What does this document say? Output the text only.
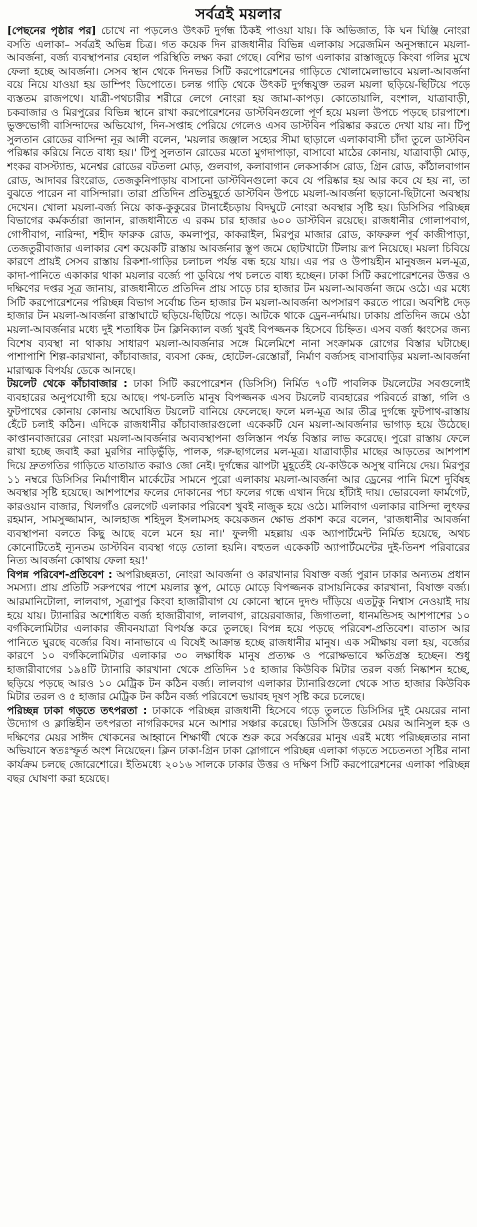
সর্বত্রই ময়লার

[পেছনের পৃষ্ঠার পর] চোখে না পড়লেও উৎকট দুর্গন্ধ ঠিকই পাওয়া যায়। কি অভিজাত, কি ঘন ঘিঞ্জি নোংরা বসতি এলাকা– সর্বত্রই অভিন্ন চিত্র। গত কয়েক দিন রাজধানীর বিভিন্ন এলাকায় সরেজমিন অনুসন্ধানে ময়লা-আবর্জনা, বর্জ্য ব্যবস্থাপনার বেহাল পরিস্থিতি লক্ষ্য করা গেছে। বেশির ভাগ এলাকার রাস্তাজুড়ে কিংবা গলির মুখে ফেলা হচ্ছে আবর্জনা। সেসব স্থান থেকে দিনভর সিটি করপোরেশনের গাড়িতে খোলামেলাভাবে ময়লা-আবর্জনা বয়ে নিয়ে যাওয়া হয় ডাম্পিং ডিপোতে। চলন্ত গাড়ি থেকে উৎকট দুর্গন্ধযুক্ত তরল ময়লা ছড়িয়ে-ছিটিয়ে পড়ে ব্যস্ততম রাজপথে। যাত্রী-পথচারীর শরীরে লেগে নোংরা হয় জামা-কাপড়। কোতোয়ালি, বংশাল, যাত্রাবাড়ী, চকবাজার ও মিরপুরের বিভিন্ন স্থানে রাখা করপোরেশনের ডাস্টবিনগুলো পূর্ণ হয়ে ময়লা উপচে পড়ছে চারপাশে। ভুক্তভোগী বাসিন্দাদের অভিযোগ, দিন-সপ্তাহ পেরিয়ে গেলেও এসব ডাস্টবিন পরিষ্কার করতে দেখা যায় না। টিপু সুলতান রোডের বাসিন্দা নূর আলী বলেন, 'ময়লার জঞ্জাল সহ্যের সীমা ছাড়ালে এলাকাবাসী চাঁদা তুলে ডাস্টবিন পরিষ্কার করিয়ে নিতে বাধ্য হয়।' টিপু সুলতান রোডের মতো মুগদাপাড়া, বাসাবো মাঠের কোনায়, যাত্রাবাড়ী মোড়, শংকর বাসস্ট্যান্ড, মনেশ্বর রোডের বটতলা মোড়, গুলবাগ, কলাবাগান লেকসার্কাস রোড, গ্রিন রোড, কাঁঠালবাগান রোড, আদাবর রিংরোড, তেজকুনিপাড়ায় বাসানো ডাস্টবিনগুলো কবে যে পরিষ্কার হয় আর কবে যে হয় না, তা বুঝতে পারেন না বাসিন্দারা। তারা প্রতিদিন প্রতিমুহূর্তে ডাস্টবিন উপচে ময়লা-আবর্জনা ছড়ানো-ছিটানো অবস্থায় দেখেন। খোলা ময়লা-বর্জ্য নিয়ে কাক-কুকুরের টানাহেঁচড়ায় বিদঘুটে নোংরা অবস্থার সৃষ্টি হয়। ডিসিসির পরিচ্ছন্ন বিভাগের কর্মকর্তারা জানান, রাজধানীতে এ রকম চার হাজার ৬০০ ডাস্টবিন রয়েছে। রাজধানীর গোলাপবাগ, গোপীবাগ, নারিন্দা, শহীদ ফারুক রোড, কমলাপুর, কাকরাইল, মিরপুর মাজার রোড, কাফরুল পূর্ব কাজীপাড়া, তেজতুরীবাজার এলাকার বেশ কয়েকটি রাস্তায় আবর্জনার স্তূপ জমে ছোটখাটো টিলায় রূপ নিয়েছে। ময়লা চিবিয়ে কারণে প্রায়ই সেসব রাস্তায় রিকশা-গাড়ির চলাচল পর্যন্ত বন্ধ হয়ে যায়। এর পর ও উপায়হীন মানুষজন মল-মূত্র, কাদা-পানিতে একাকার থাকা ময়লার বর্জ্যে পা ডুবিয়ে পথ চলতে বাধ্য হচ্ছেন। ঢাকা সিটি করপোরেশনের উত্তর ও দক্ষিণের দপ্তর সূত্র জানায়, রাজধানীতে প্রতিদিন প্রায় সাড়ে চার হাজার টন ময়লা-আবর্জনা জমে ওঠে। এর মধ্যে সিটি করপোরেশনের পরিচ্ছন্ন বিভাগ সর্বোচ্চ তিন হাজার টন ময়লা-আবর্জনা অপসারণ করতে পারে। অবশিষ্ট দেড় হাজার টন ময়লা-আবর্জনা রাস্তাঘাটে ছড়িয়ে-ছিটিয়ে পড়ে। আটকে থাকে ড্রেন-নর্দমায়। ঢাকায় প্রতিদিন জমে ওঠা ময়লা-আবর্জনার মধ্যে দুই শতাধিক টন ক্লিনিক্যাল বর্জ্য খুবই বিপজ্জনক হিসেবে চিহ্নিত। এসব বর্জ্য ধ্বংসের জন্য বিশেষ ব্যবস্থা না থাকায় সাধারণ ময়লা-আবর্জনার সঙ্গে মিলেমিশে নানা সংক্রামক রোগের বিস্তার ঘটাচ্ছে। পাশাপাশি শিল্প-কারখানা, কাঁচাবাজার, ব্যবসা কেন্দ্র, হোটেল-রেস্তোরাঁ, নির্মাণ বর্জ্যসহ বাসাবাড়ির ময়লা-আবর্জনা মারাত্মক বিপর্যয় ডেকে আনছে।

টয়লেট থেকে কাঁচাবাজার : ঢাকা সিটি করপোরেশন (ডিসিসি) নির্মিত ৭০টি পাবলিক টয়লেটের সবগুলোই ব্যবহারের অনুপযোগী হয়ে আছে। পথ-চলতি মানুষ বিপজ্জনক এসব টয়লেট ব্যবহারের পরিবর্তে রাস্তা, গলি ও ফুটপাথের কোনায় কোনায় অঘোষিত টয়লেট বানিয়ে ফেলেছে। ফলে মল-মূত্র আর তীব্র দুর্গন্ধে ফুটপাথ-রাস্তায় হেঁটে চলাই কঠিন। এদিকে রাজধানীর কাঁচাবাজারগুলো একেকটি যেন ময়লা-আবর্জনার ভাগাড় হয়ে উঠেছে। কাপ্তানবাজারের নোংরা ময়লা-আবর্জনার অব্যবস্থাপনা গুলিস্তান পর্যন্ত বিস্তার লাভ করেছে। পুরো রাস্তায় ফেলে রাখা হচ্ছে জবাই করা মুরগির নাড়িভুঁড়ি, পালক, গরু-ছাগলের মল-মূত্র। যাত্রাবাড়ীর মাছের আড়তের আশপাশ দিয়ে দ্রুতগতির গাড়িতে যাতায়াত করাও জো নেই। দুর্গন্ধের ঝাপটা মুহূর্তেই যে-কাউকে অসুস্থ বানিয়ে দেয়। মিরপুর ১১ নম্বরে ডিসিসির নির্মাণাধীন মার্কেটের সামনে পুরো এলাকায় ময়লা-আবর্জনা আর ড্রেনের পানি মিশে দুর্বিষহ অবস্থার সৃষ্টি হয়েছে। আশপাশের ফলের দোকানের পচা ফলের গন্ধে এখান দিয়ে হাঁটাই দায়। ভোরবেলা ফার্মগেট, কারওয়ান বাজার, খিলগাঁও রেলগেট এলাকার পরিবেশ খুবই নাজুক হয়ে ওঠে। মালিবাগ এলাকার বাসিন্দা লুৎফর রহমান, সামসুজ্জামান, আলহাজ শহিদুল ইসলামসহ কয়েকজন ক্ষোভ প্রকাশ করে বলেন, 'রাজধানীর আবর্জনা ব্যবস্থাপনা বলতে কিছু আছে বলে মনে হয় না।' ফুলগী মহল্লায় এক অ্যাপার্টমেন্ট নির্মিত হয়েছে, অথচ কোনোটিতেই ন্যূনতম ডাস্টবিন ব্যবস্থা গড়ে তোলা হয়নি। বহুতল একেকটি অ্যাপার্টমেন্টের দুই-তিনশ পরিবারের নিত্য আবর্জনা কোথায় ফেলা হয়!'

বিপন্ন পরিবেশ-প্রতিবেশ : অপরিচ্ছন্নতা, নোংরা আবর্জনা ও কারখানার বিষাক্ত বর্জ্য পুরান ঢাকার অন্যতম প্রধান সমস্যা। প্রায় প্রতিটি সরুপথের পাশে ময়লার স্তূপ, মোড়ে মোড়ে বিপজ্জনক রাসায়নিকের কারখানা, বিষাক্ত বর্জ্য। আরমানিটোলা, লালবাগ, সূত্রাপুর কিংবা হাজারীবাগ যে কোনো স্থানে দুদণ্ড দাঁড়িয়ে এতটুকু নিশ্বাস নেওয়াই দায় হয়ে যায়। ট্যানারির অশোধিত বর্জ্য হাজারীবাগ, লালবাগ, রায়েরবাজার, জিগাতলা, ধানমন্ডিসহ আশপাশের ১০ বর্গকিলোমিটার এলাকার জীবনযাত্রা বিপর্যস্ত করে তুলছে। বিপন্ন হয়ে পড়ছে পরিবেশ-প্রতিবেশ। বাতাস আর পানিতে ঘুরছে বর্জ্যের বিষ। নানাভাবে এ বিষেই আক্রান্ত হচ্ছে রাজধানীর মানুষ। এক সমীক্ষায় বলা হয়, বর্জ্যের কারণে ১০ বর্গকিলোমিটার এলাকার ৩০ লক্ষাধিক মানুষ প্রত্যক্ষ ও পরোক্ষভাবে ক্ষতিগ্রস্ত হচ্ছেন। শুধু হাজারীবাগের ১৯৪টি ট্যানারি কারখানা থেকে প্রতিদিন ১৫ হাজার কিউবিক মিটার তরল বর্জ্য নিষ্কাশন হচ্ছে, ছড়িয়ে পড়ছে আরও ১০ মেট্রিক টন কঠিন বর্জ্য। লালবাগ এলাকার ট্যানারিগুলো থেকে সাত হাজার কিউবিক মিটার তরল ও ৫ হাজার মেট্রিক টন কঠিন বর্জ্য পরিবেশে ভয়াবহ দূষণ সৃষ্টি করে চলেছে।

পরিচ্ছন্ন ঢাকা গড়তে তৎপরতা : ঢাকাকে পরিচ্ছন্ন রাজধানী হিসেবে গড়ে তুলতে ডিসিসির দুই মেয়রের নানা উদ্যোগ ও ক্লান্তিহীন তৎপরতা নাগরিকদের মনে আশার সঞ্চার করেছে। ডিসিসি উত্তরের মেয়র আনিসুল হক ও দক্ষিণের মেয়র সাঈদ খোকনের আহ্বানে শিক্ষার্থী থেকে শুরু করে সর্বস্তরের মানুষ এরই মধ্যে পরিচ্ছন্নতার নানা অভিযানে স্বতঃস্ফূর্ত অংশ নিয়েছেন। ক্লিন ঢাকা-গ্রিন ঢাকা স্লোগানে পরিচ্ছন্ন এলাকা গড়তে সচেতনতা সৃষ্টির নানা কার্যক্রম চলছে জোরেশোরে। ইতিমধ্যে ২০১৬ সালকে ঢাকার উত্তর ও দক্ষিণ সিটি করপোরেশনের এলাকা পরিচ্ছন্ন বছর ঘোষণা করা হয়েছে।
